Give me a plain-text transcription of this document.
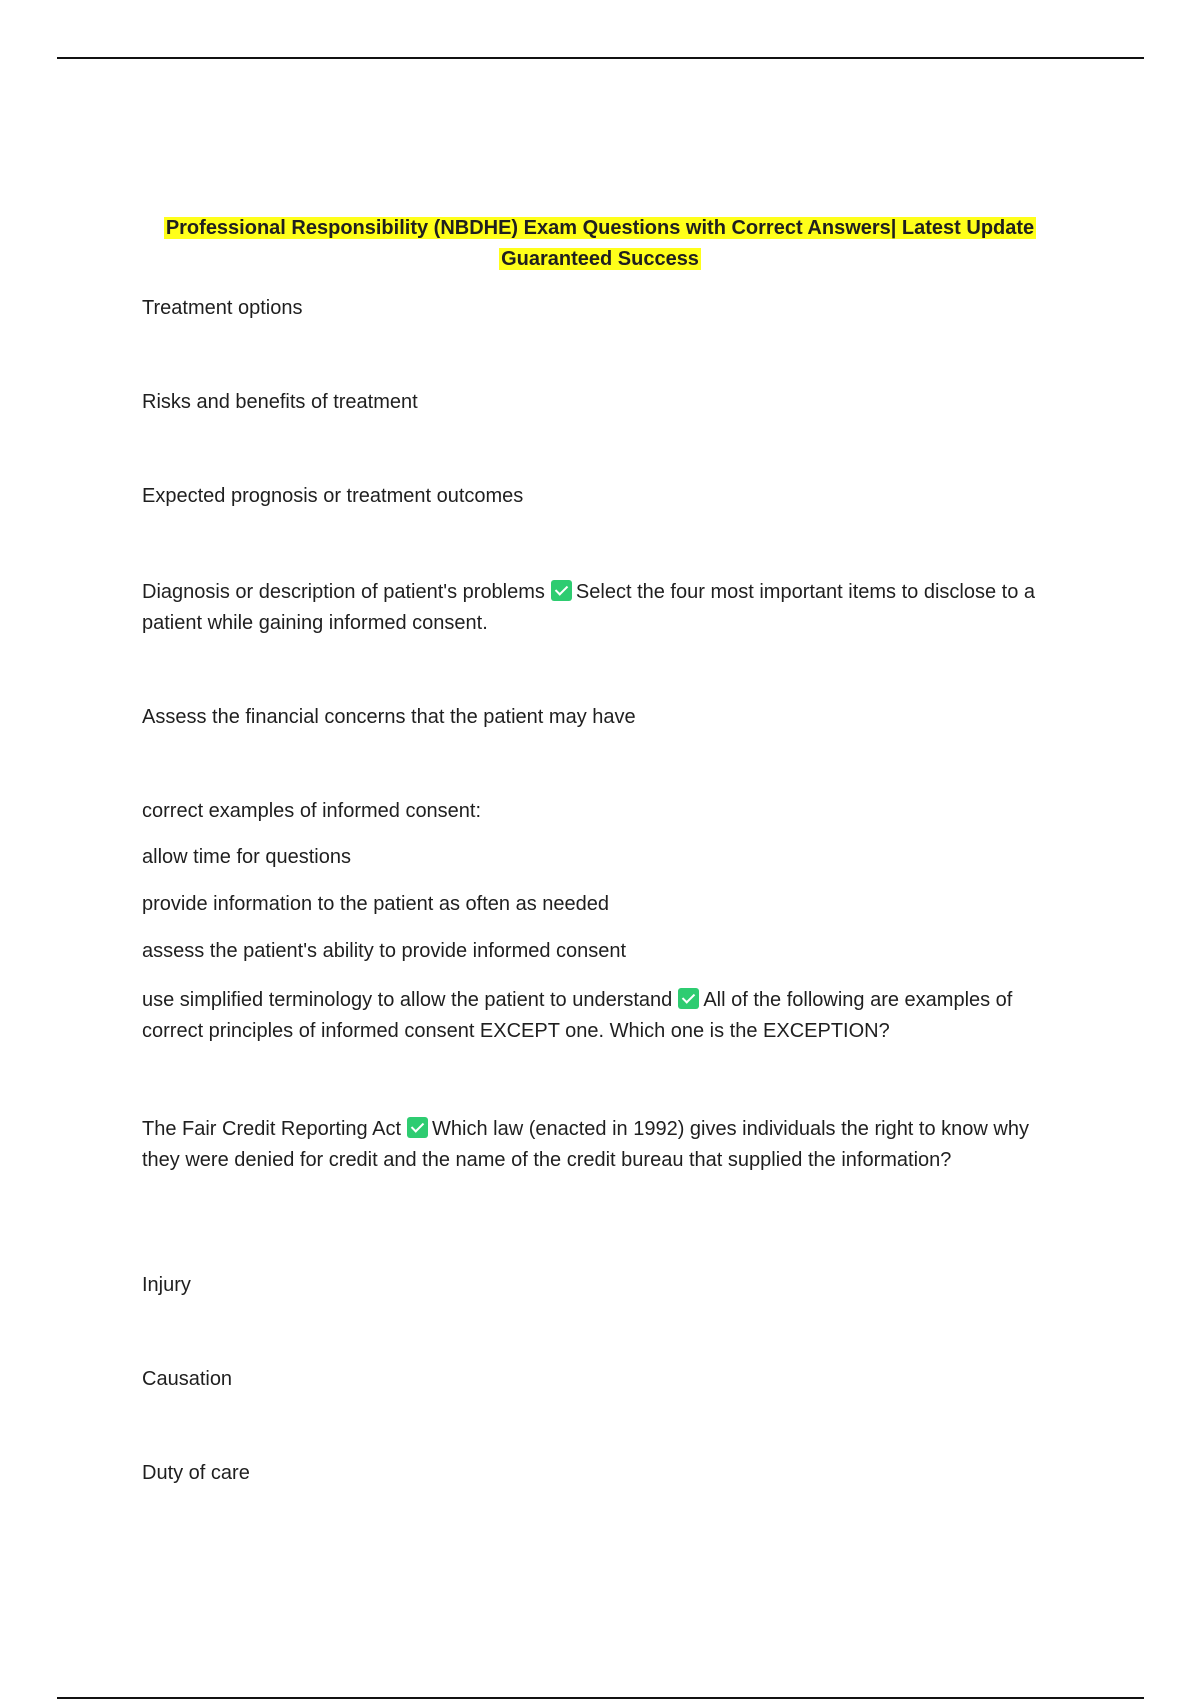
Professional Responsibility (NBDHE) Exam Questions with Correct Answers| Latest Update
Guaranteed Success

Treatment options

Risks and benefits of treatment

Expected prognosis or treatment outcomes

Diagnosis or description of patient's problems Select the four most important items to disclose to a patient while gaining informed consent.

Assess the financial concerns that the patient may have

correct examples of informed consent:

allow time for questions

provide information to the patient as often as needed

assess the patient's ability to provide informed consent

use simplified terminology to allow the patient to understand All of the following are examples of correct principles of informed consent EXCEPT one. Which one is the EXCEPTION?

The Fair Credit Reporting Act Which law (enacted in 1992) gives individuals the right to know why they were denied for credit and the name of the credit bureau that supplied the information?

Injury

Causation

Duty of care
